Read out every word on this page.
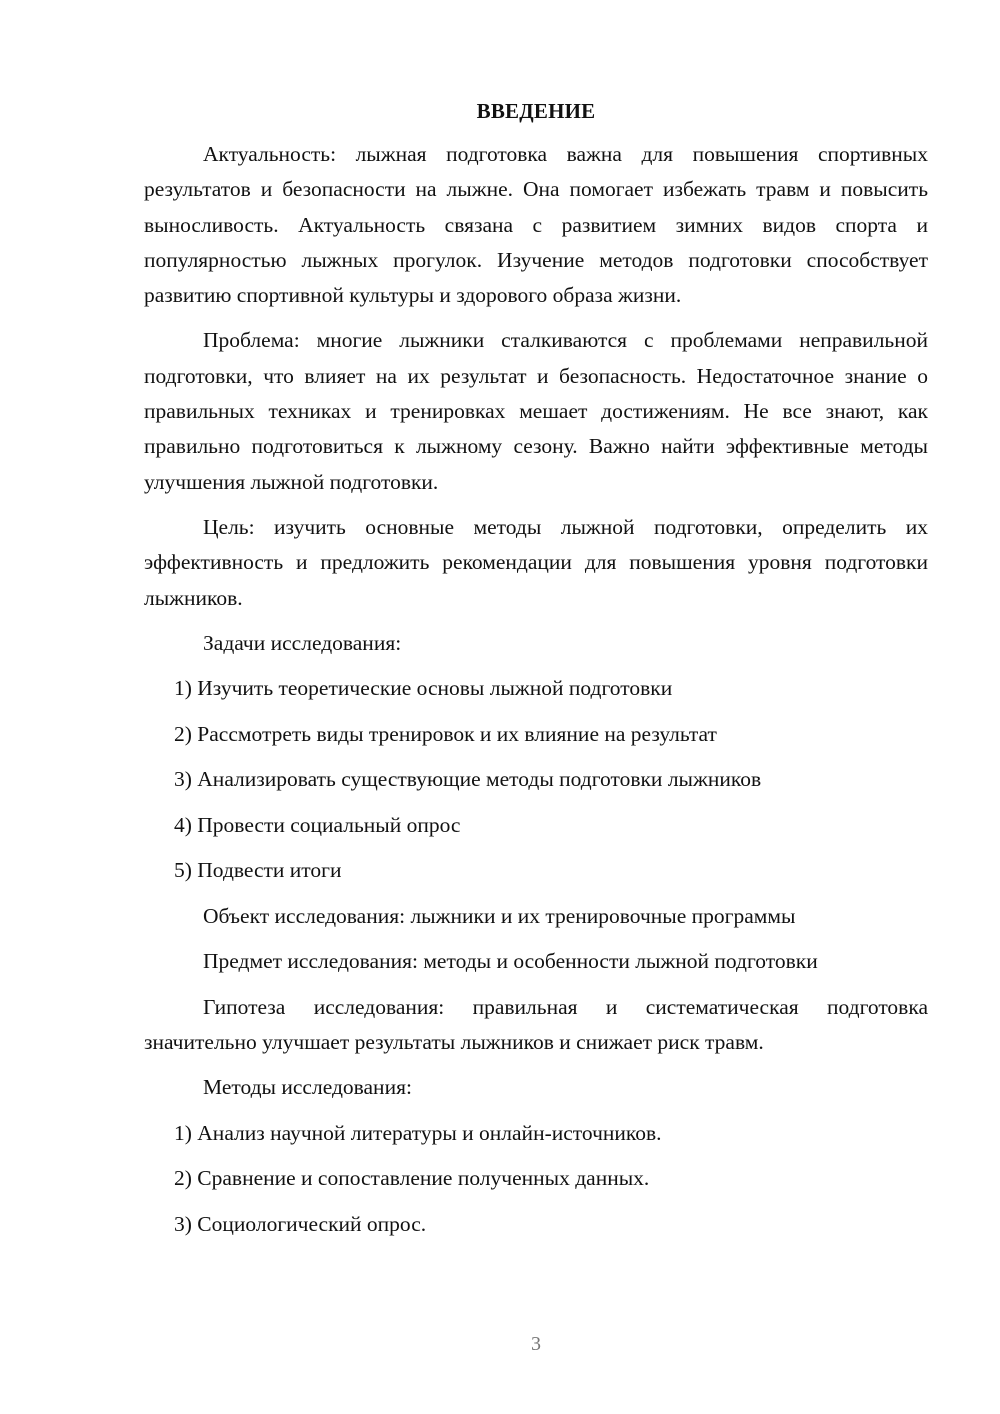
ВВЕДЕНИЕ
Актуальность: лыжная подготовка важна для повышения спортивных результатов и безопасности на лыжне. Она помогает избежать травм и повысить выносливость. Актуальность связана с развитием зимних видов спорта и популярностью лыжных прогулок. Изучение методов подготовки способствует развитию спортивной культуры и здорового образа жизни.
Проблема: многие лыжники сталкиваются с проблемами неправильной подготовки, что влияет на их результат и безопасность. Недостаточное знание о правильных техниках и тренировках мешает достижениям. Не все знают, как правильно подготовиться к лыжному сезону. Важно найти эффективные методы улучшения лыжной подготовки.
Цель: изучить основные методы лыжной подготовки, определить их эффективность и предложить рекомендации для повышения уровня подготовки лыжников.
Задачи исследования:
1) Изучить теоретические основы лыжной подготовки
2) Рассмотреть виды тренировок и их влияние на результат
3) Анализировать существующие методы подготовки лыжников
4) Провести социальный опрос
5) Подвести итоги
Объект исследования: лыжники и их тренировочные программы
Предмет исследования: методы и особенности лыжной подготовки
Гипотеза исследования: правильная и систематическая подготовка значительно улучшает результаты лыжников и снижает риск травм.
Методы исследования:
1) Анализ научной литературы и онлайн-источников.
2) Сравнение и сопоставление полученных данных.
3) Социологический опрос.
3
